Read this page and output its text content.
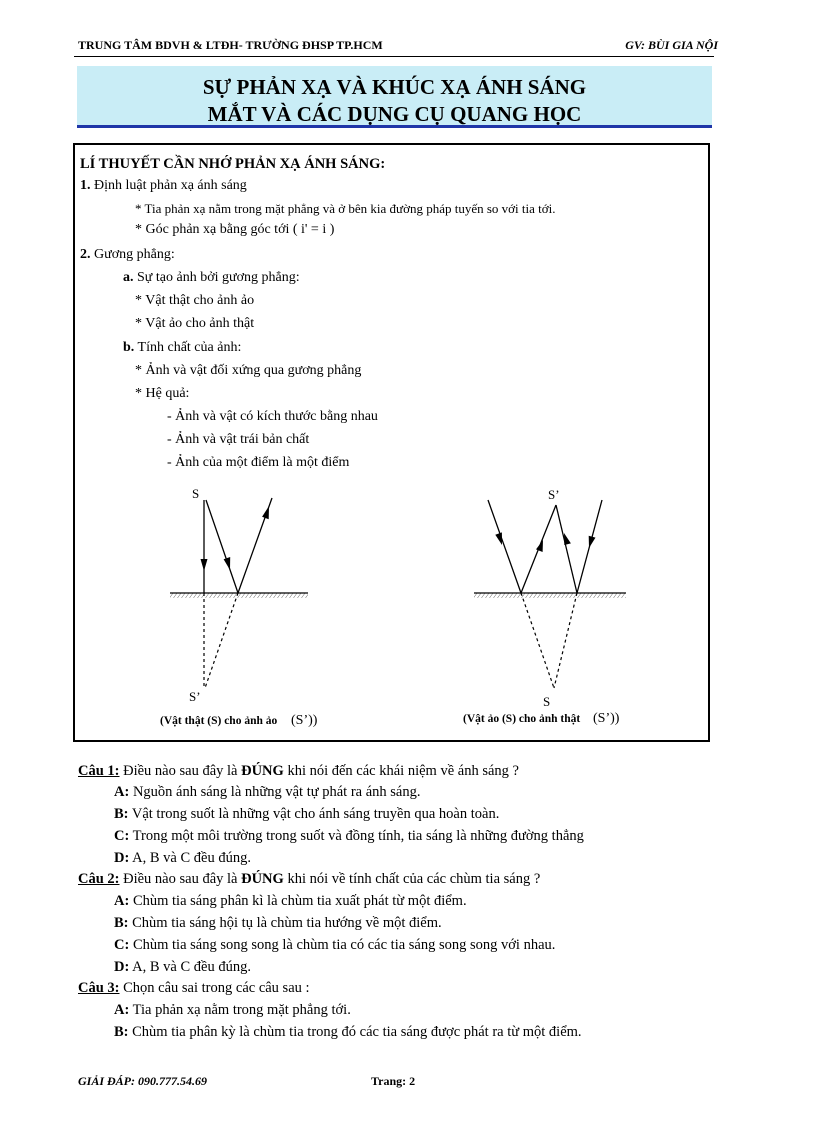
TRUNG TÂM BDVH & LTĐH- TRƯỜNG ĐHSP TP.HCM	GV: BÙI GIA NỘI
SỰ PHẢN XẠ VÀ KHÚC XẠ ÁNH SÁNG
MẮT VÀ CÁC DỤNG CỤ QUANG HỌC
LÍ THUYẾT CẦN NHỚ PHẢN XẠ ÁNH SÁNG:
1. Định luật phản xạ ánh sáng
* Tia phản xạ nằm trong mặt phẳng và ở bên kia đường pháp tuyến so với tia tới.
* Góc phản xạ bằng góc tới ( i' = i )
2. Gương phẳng:
a. Sự tạo ảnh bởi gương phẳng:
* Vật thật cho ảnh ảo
* Vật ảo cho ảnh thật
b. Tính chất của ảnh:
* Ảnh và vật đối xứng qua gương phẳng
* Hệ quả:
- Ảnh và vật có kích thước bằng nhau
- Ảnh và vật trái bản chất
- Ảnh của một điểm là một điểm
S
S’
(Vật thật (S) cho ảnh ảo (S’))
S’
S
(Vật ảo (S) cho ảnh thật (S’))
Câu 1: Điều nào sau đây là ĐÚNG khi nói đến các khái niệm về ánh sáng ?
A: Nguồn ánh sáng là những vật tự phát ra ánh sáng.
B: Vật trong suốt là những vật cho ánh sáng truyền qua hoàn toàn.
C: Trong một môi trường trong suốt và đồng tính, tia sáng là những đường thẳng
D: A, B và C đều đúng.
Câu 2: Điều nào sau đây là ĐÚNG khi nói về tính chất của các chùm tia sáng ?
A: Chùm tia sáng phân kì là chùm tia xuất phát từ một điểm.
B: Chùm tia sáng hội tụ là chùm tia hướng về một điểm.
C: Chùm tia sáng song song là chùm tia có các tia sáng song song với nhau.
D: A, B và C đều đúng.
Câu 3: Chọn câu sai trong các câu sau :
A: Tia phản xạ nằm trong mặt phẳng tới.
B: Chùm tia phân kỳ là chùm tia trong đó các tia sáng được phát ra từ một điểm.
GIẢI ĐÁP: 090.777.54.69	Trang: 2
